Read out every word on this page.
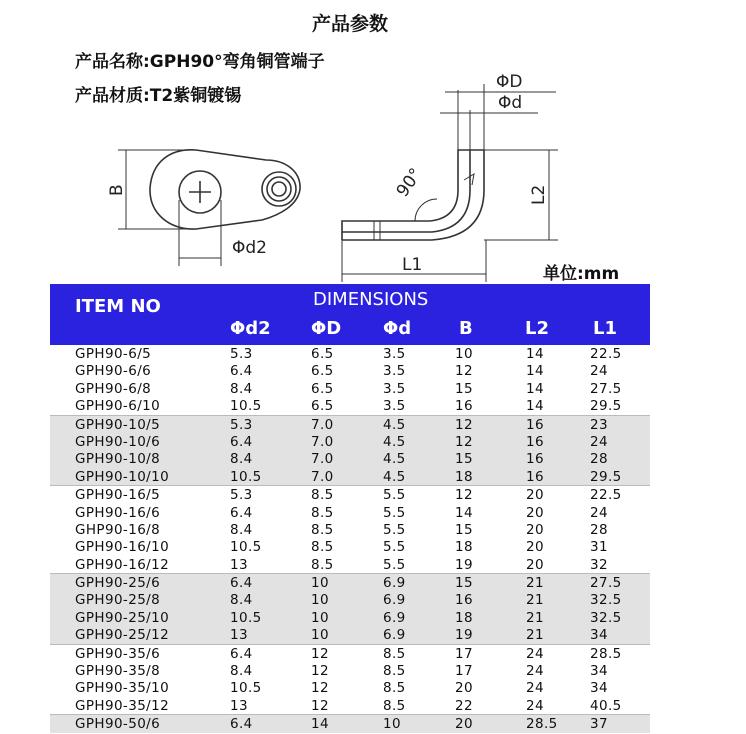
产品参数
产品名称:GPH90°弯角铜管端子
产品材质:T2紫铜镀锡
B
Φd2
ΦD
Φd
90°	L2
L1	单位:mm
ITEM NO	DIMENSIONS
Φd2 ΦD Φd	B	L2 L1
GPH90-6/5	5.3	6.5	3.5	10	14	22.5
GPH90-6/6	6.4	6.5	3.5	12	14	24
GPH90-6/8	8.4	6.5	3.5	15	14	27.5
GPH90-6/10	10.5	6.5	3.5	16	14	29.5
GPH90-10/5	5.3	7.0	4.5	12	16	23
GPH90-10/6	6.4	7.0	4.5	12	16	24
GPH90-10/8	8.4	7.0	4.5	15	16	28
GPH90-10/10	10.5	7.0	4.5	18	16	29.5
GPH90-16/5	5.3	8.5	5.5	12	20	22.5
GPH90-16/6	6.4	8.5	5.5	14	20	24
GHP90-16/8	8.4	8.5	5.5	15	20	28
GPH90-16/10	10.5	8.5	5.5	18	20	31
GPH90-16/12	13	8.5	5.5	19	20	32
GPH90-25/6	6.4	10	6.9	15	21	27.5
GPH90-25/8	8.4	10	6.9	16	21	32.5
GPH90-25/10	10.5	10	6.9	18	21	32.5
GPH90-25/12	13	10	6.9	19	21	34
GPH90-35/6	6.4	12	8.5	17	24	28.5
GPH90-35/8	8.4	12	8.5	17	24	34
GPH90-35/10	10.5	12	8.5	20	24	34
GPH90-35/12	13	12	8.5	22	24	40.5
GPH90-50/6	6.4	14	10	20	28.5 37
